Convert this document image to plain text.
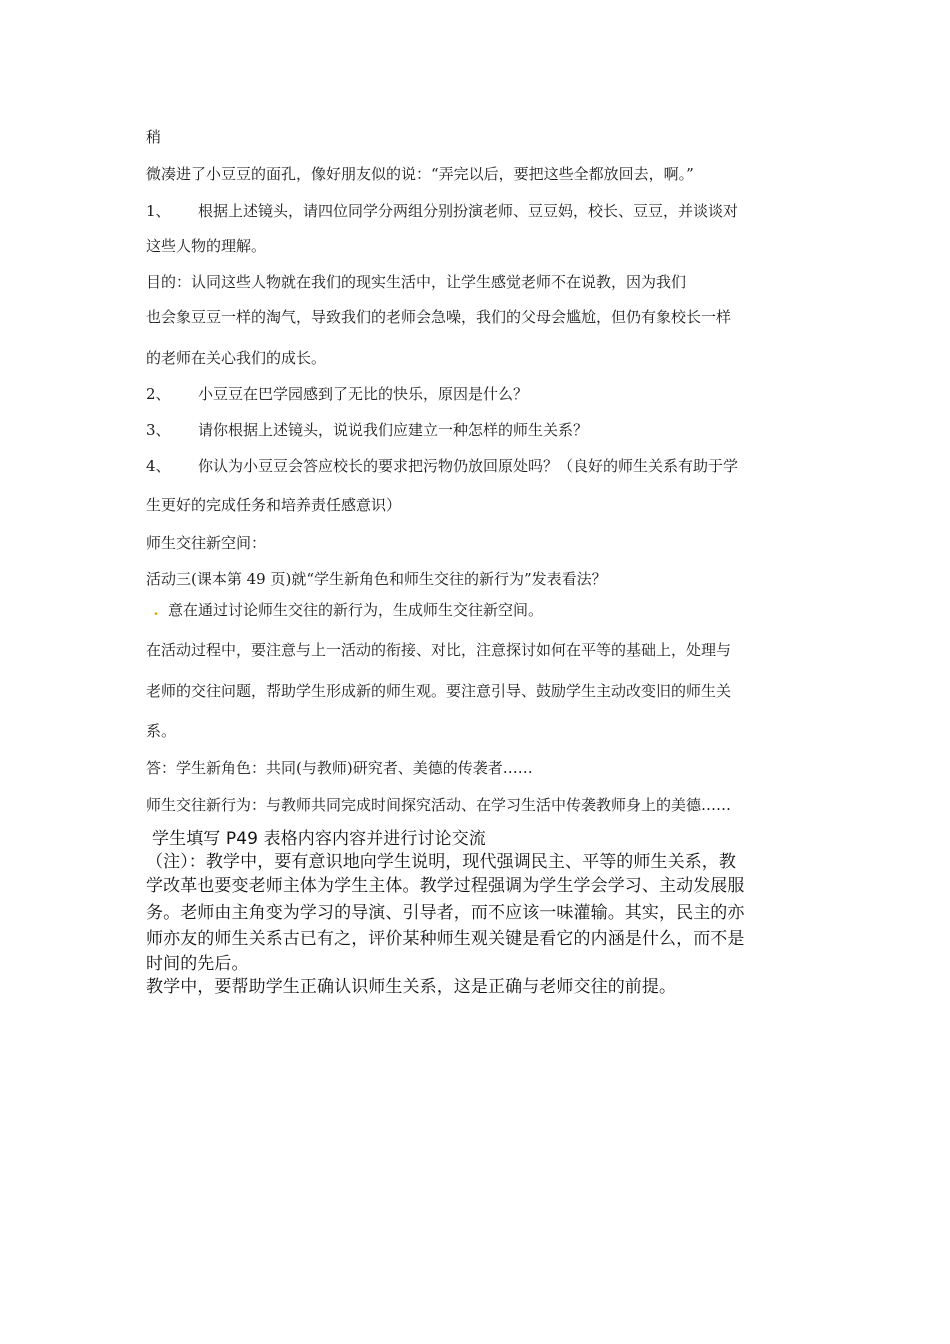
稍
微凑进了小豆豆的面孔，像好朋友似的说：“弄完以后，要把这些全都放回去，啊。”
1、 根据上述镜头，请四位同学分两组分别扮演老师、豆豆妈，校长、豆豆，并谈谈对
这些人物的理解。
目的：认同这些人物就在我们的现实生活中，让学生感觉老师不在说教，因为我们
也会象豆豆一样的淘气，导致我们的老师会急噪，我们的父母会尴尬，但仍有象校长一样
的老师在关心我们的成长。
2、 小豆豆在巴学园感到了无比的快乐，原因是什么？
3、 请你根据上述镜头，说说我们应建立一种怎样的师生关系？
4、 你认为小豆豆会答应校长的要求把污物仍放回原处吗？（良好的师生关系有助于学
生更好的完成任务和培养责任感意识）
师生交往新空间：
活动三(课本第 49 页)就“学生新角色和师生交往的新行为”发表看法？
. 意在通过讨论师生交往的新行为，生成师生交往新空间。
在活动过程中，要注意与上一活动的衔接、对比，注意探讨如何在平等的基础上，处理与
老师的交往问题，帮助学生形成新的师生观。要注意引导、鼓励学生主动改变旧的师生关
系。
答：学生新角色：共同(与教师)研究者、美德的传袭者……
师生交往新行为：与教师共同完成时间探究活动、在学习生活中传袭教师身上的美德……
学生填写 P49 表格内容内容并进行讨论交流
（注）：教学中，要有意识地向学生说明，现代强调民主、平等的师生关系，教
学改革也要变老师主体为学生主体。教学过程强调为学生学会学习、主动发展服
务。老师由主角变为学习的导演、引导者，而不应该一味灌输。其实，民主的亦
师亦友的师生关系古已有之，评价某种师生观关键是看它的内涵是什么，而不是
时间的先后。
教学中，要帮助学生正确认识师生关系，这是正确与老师交往的前提。
